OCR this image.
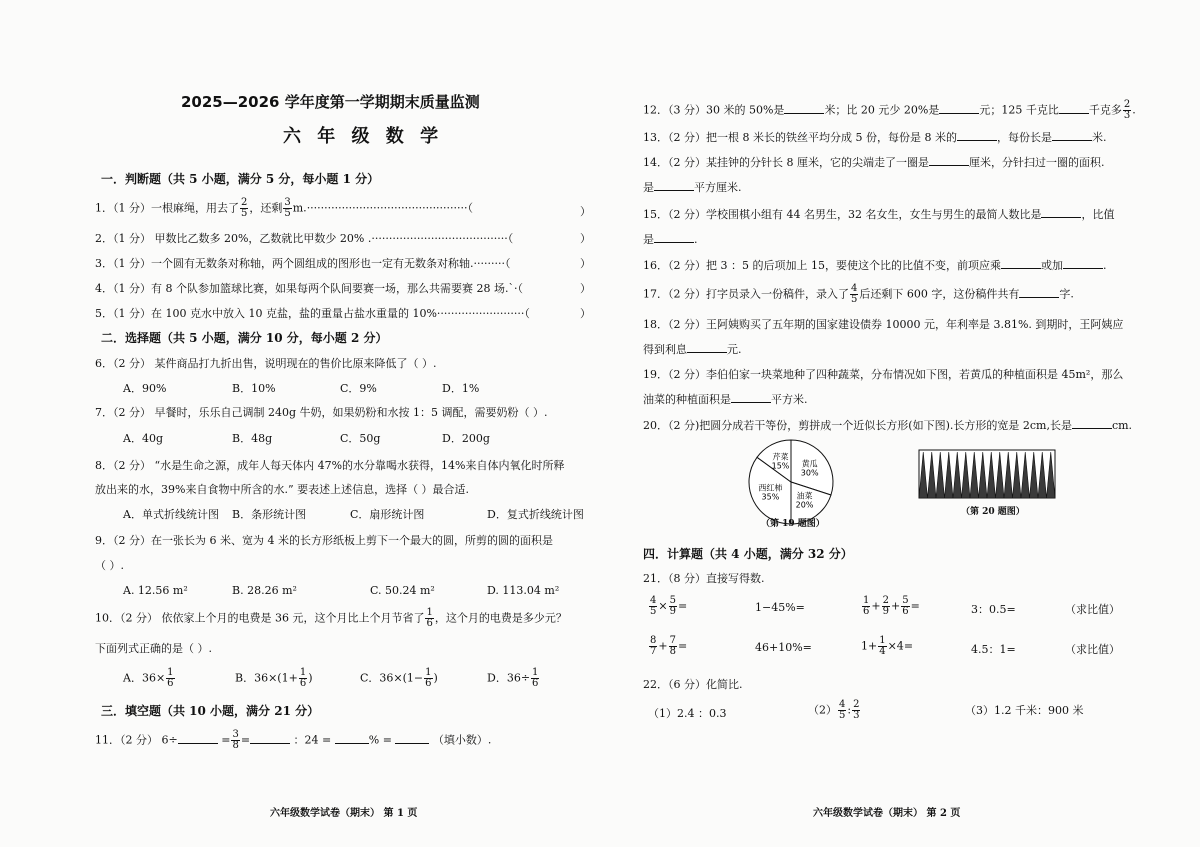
2025—2026 学年度第一学期期末质量监测
六 年 级 数 学
一．判断题（共 5 小题，满分 5 分，每小题 1 分）
1．（1 分）一根麻绳，用去了 $\frac{2}{5}$ ，还剩 $\frac{3}{5} m.\cdot\cdot\cdot\cdot\cdot\cdot\cdot\cdot\cdot\cdot\cdot\cdot\cdot\cdot\cdot\cdot\cdot\cdot\cdot\cdot\cdot\cdot\cdot\cdot\cdot\cdot\cdot\cdot\cdot\cdot\cdot\cdot\cdot\cdot\cdot\cdot\cdot\cdot\cdot\cdot\cdot\cdot\cdot\cdot\cdot\cdot$（	）
2．（1 分） 甲数比乙数多 20%，乙数就比甲数少 20% .·······································（	）
3．（1 分）一个圆有无数条对称轴，两个圆组成的图形也一定有无数条对称轴.·········（	）
4．（1 分）有 8 个队参加篮球比赛，如果每两个队间要赛一场，那么共需要赛 28 场.`·（	）
5．（1 分）在 100 克水中放入 10 克盐，盐的重量占盐水重量的 10%·························（	）
二．选择题（共 5 小题，满分 10 分，每小题 2 分）
6．（2 分） 某件商品打九折出售，说明现在的售价比原来降低了（ ）.
A．90%	B．10%	C．9%	D．1%
7．（2 分） 早餐时，乐乐自己调制 240g 牛奶，如果奶粉和水按 1：5 调配，需要奶粉（ ）.
A．40g	B．48g	C．50g	D．200g
8．（2 分） “水是生命之源，成年人每天体内 47%的水分靠喝水获得，14%来自体内氧化时所释
放出来的水，39%来自食物中所含的水.” 要表述上述信息，选择（ ）最合适.
A．单式折线统计图 B．条形统计图	C．扇形统计图	D．复式折线统计图
9．（2 分）在一张长为 6 米、宽为 4 米的长方形纸板上剪下一个最大的圆，所剪的圆的面积是
（ ）.
A. 12.56 m²	B. 28.26 m²	C. 50.24 m²	D. 113.04 m²
10．（2 分） 依依家上个月的电费是 36 元，这个月比上个月节省了 $\frac{1}{6}$ ，这个月的电费是多少元？
下面列式正确的是（ ）.
A．$36\times \frac{1}{6}$	B．$36\times(1+ \frac{1}{6}$ )	C．$36\times(1- \frac{1}{6}$ )	D．$36\div \frac{1}{6}$
三．填空题（共 10 小题，满分 21 分）
11．（2 分） 6÷	= $\frac{3}{8}$ =	：24 =	% =	（填小数）.
六年级数学试卷（期末） 第 1 页
12．（3 分）30 米的 50%是	米；比 20 元少 20%是	元；125 千克比	千克多 $\frac{2}{3}$ .
13．（2 分）把一根 8 米长的铁丝平均分成 5 份，每份是 8 米的	，每份长是	米.
14．（2 分）某挂钟的分针长 8 厘米，它的尖端走了一圈是	厘米，分针扫过一圈的面积.
是	平方厘米.
15．（2 分）学校围棋小组有 44 名男生，32 名女生，女生与男生的最简人数比是	，比值
是	.
16．（2 分）把 3 ：5 的后项加上 15，要使这个比的比值不变，前项应乘	或加	.
17．（2 分）打字员录入一份稿件，录入了 $\frac{4}{5}$ 后还剩下 600 字，这份稿件共有	字.
18．（2 分）王阿姨购买了五年期的国家建设债券 10000 元，年利率是 3.81%. 到期时，王阿姨应
得到利息	元.
19．（2 分）李伯伯家一块菜地种了四种蔬菜，分布情况如下图，若黄瓜的种植面积是 45m²，那么
油菜的种植面积是	平方米.
20．（2 分)把圆分成若干等份，剪拼成一个近似长方形(如下图).长方形的宽是 2cm,长是	cm.
黄瓜 30%
油菜 20%
西红柿 35%
芹菜 15%
（第 19 题图）
（第 20 题图）
四．计算题（共 4 小题，满分 32 分）
21．（8 分）直接写得数.
$\frac{4}{5} \times \frac{5}{9}$ =	1−45%=	$\frac{1}{6} + \frac{2}{9} + \frac{5}{6}$ =	3：0.5=	（求比值）
$\frac{8}{7} + \frac{7}{8}$ =	46+10%=	$1+ \frac{1}{4} \times 4=$	4.5：1=	（求比值）
22．（6 分）化简比.
（1）2.4 ：0.3	$(2) \frac{4}{5}$ : $\frac{2}{3}$	（3）1.2 千米：900 米
六年级数学试卷（期末） 第 2 页
